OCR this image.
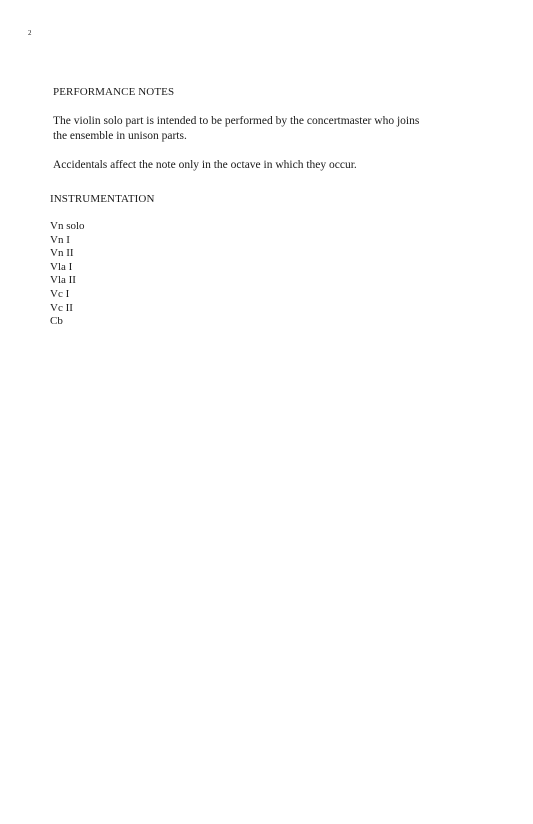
2
PERFORMANCE NOTES

The violin solo part is intended to be performed by the concertmaster who joins
the ensemble in unison parts.

Accidentals affect the note only in the octave in which they occur.

INSTRUMENTATION
Vn solo
Vn I
Vn II
Vla I
Vla II
Vc I
Vc II
Cb
